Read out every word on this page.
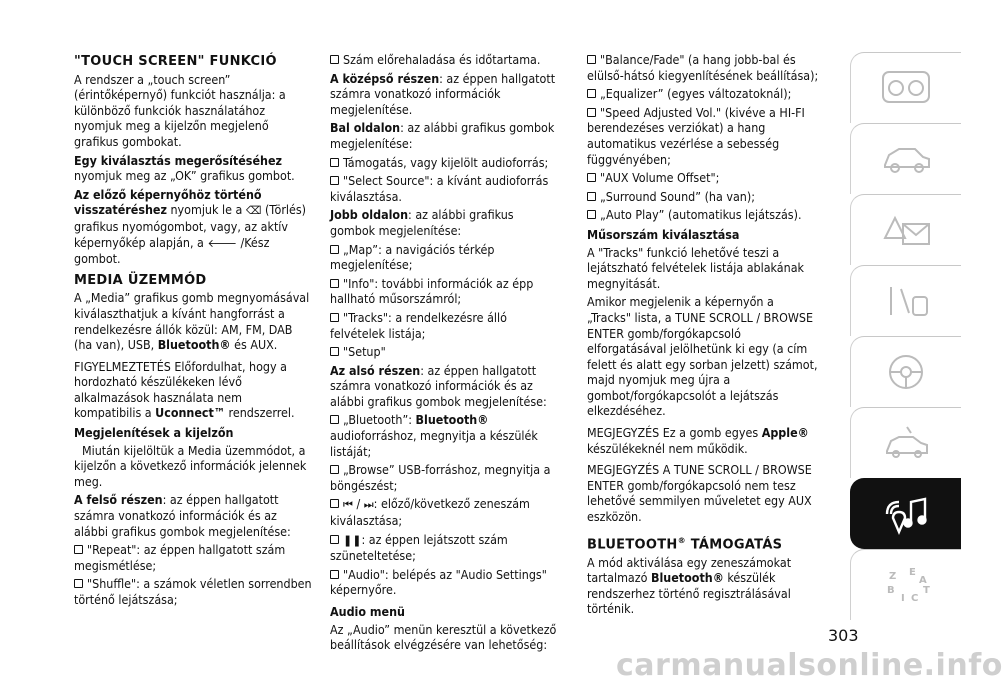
"TOUCH SCREEN" FUNKCIÓ

A rendszer a „touch screen” (érintőképernyő) funkciót használja: a különböző funkciók használatához nyomjuk meg a kijelzőn megjelenő grafikus gombokat.

Egy kiválasztás megerősítéséhez nyomjuk meg az „OK” grafikus gombot.

Az előző képernyőhöz történő visszatéréshez nyomjuk le a ⌫ (Törlés) grafikus nyomógombot, vagy, az aktív képernyőkép alapján, a 🡐 /Kész gombot.

MEDIA ÜZEMMÓD

A „Media” grafikus gomb megnyomásával kiválaszthatjuk a kívánt hangforrást a rendelkezésre állók közül: AM, FM, DAB (ha van), USB, Bluetooth® és AUX.

FIGYELMEZTETÉS Előfordulhat, hogy a hordozható készülékeken lévő alkalmazások használata nem kompatibilis a Uconnect™ rendszerrel.

Megjelenítések a kijelzőn

Miután kijelöltük a Media üzemmódot, a kijelzőn a következő információk jelennek meg.

A felső részen: az éppen hallgatott számra vonatkozó információk és az alábbi grafikus gombok megjelenítése:

"Repeat": az éppen hallgatott szám megismétlése;

"Shuffle": a számok véletlen sorrendben történő lejátszása;

Szám előrehaladása és időtartama.

A középső részen: az éppen hallgatott számra vonatkozó információk megjelenítése.

Bal oldalon: az alábbi grafikus gombok megjelenítése:

Támogatás, vagy kijelölt audioforrás;

"Select Source": a kívánt audioforrás kiválasztása.

Jobb oldalon: az alábbi grafikus gombok megjelenítése:

„Map”: a navigációs térkép megjelenítése;

"Info": további információk az épp hallható műsorszámról;

"Tracks": a rendelkezésre álló felvételek listája;

"Setup"

Az alsó részen: az éppen hallgatott számra vonatkozó információk és az alábbi grafikus gombok megjelenítése:

„Bluetooth”: Bluetooth® audioforráshoz, megnyitja a készülék listáját;

„Browse” USB-forráshoz, megnyitja a böngészést;

⏮ / ⏭: előző/következő zeneszám kiválasztása;

❚❚: az éppen lejátszott szám szüneteltetése;

"Audio": belépés az "Audio Settings" képernyőre.

Audio menü

Az „Audio” menün keresztül a következő beállítások elvégzésére van lehetőség:

"Balance/Fade" (a hang jobb-bal és elülső-hátsó kiegyenlítésének beállítása);

„Equalizer” (egyes változatoknál);

"Speed Adjusted Vol." (kivéve a HI-FI berendezéses verziókat) a hang automatikus vezérlése a sebesség függvényében;

"AUX Volume Offset";

„Surround Sound” (ha van);

„Auto Play” (automatikus lejátszás).

Műsorszám kiválasztása

A "Tracks" funkció lehetővé teszi a lejátszható felvételek listája ablakának megnyitását.

Amikor megjelenik a képernyőn a „Tracks" lista, a TUNE SCROLL / BROWSE ENTER gomb/forgókapcsoló elforgatásával jelölhetünk ki egy (a cím felett és alatt egy sorban jelzett) számot, majd nyomjuk meg újra a gombot/forgókapcsolót a lejátszás elkezdéséhez.

MEGJEGYZÉS Ez a gomb egyes Apple® készülékeknél nem működik.

MEGJEGYZÉS A TUNE SCROLL / BROWSE ENTER gomb/forgókapcsoló nem tesz lehetővé semmilyen műveletet egy AUX eszközön.

BLUETOOTH® TÁMOGATÁS

A mód aktiválása egy zeneszámokat tartalmazó Bluetooth® készülék rendszerhez történő regisztrálásával történik.

Z E
B
I C
T
A
303
carmanualsonline.info
